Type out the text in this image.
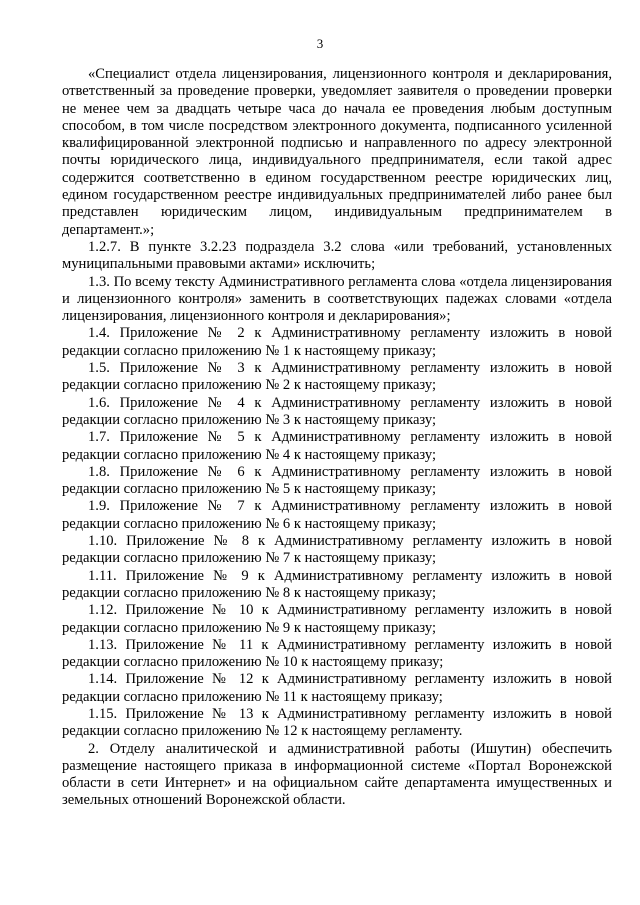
3

«Специалист отдела лицензирования, лицензионного контроля и декларирования, ответственный за проведение проверки, уведомляет заявителя о проведении проверки не менее чем за двадцать четыре часа до начала ее проведения любым доступным способом, в том числе посредством электронного документа, подписанного усиленной квалифицированной электронной подписью и направленного по адресу электронной почты юридического лица, индивидуального предпринимателя, если такой адрес содержится соответственно в едином государственном реестре юридических лиц, едином государственном реестре индивидуальных предпринимателей либо ранее был представлен юридическим лицом, индивидуальным предпринимателем в департамент.»;

1.2.7. В пункте 3.2.23 подраздела 3.2 слова «или требований, установленных муниципальными правовыми актами» исключить;

1.3. По всему тексту Административного регламента слова «отдела лицензирования и лицензионного контроля» заменить в соответствующих падежах словами «отдела лицензирования, лицензионного контроля и декларирования»;

1.4. Приложение № 2 к Административному регламенту изложить в новой редакции согласно приложению № 1 к настоящему приказу;

1.5. Приложение № 3 к Административному регламенту изложить в новой редакции согласно приложению № 2 к настоящему приказу;

1.6. Приложение № 4 к Административному регламенту изложить в новой редакции согласно приложению № 3 к настоящему приказу;

1.7. Приложение № 5 к Административному регламенту изложить в новой редакции согласно приложению № 4 к настоящему приказу;

1.8. Приложение № 6 к Административному регламенту изложить в новой редакции согласно приложению № 5 к настоящему приказу;

1.9. Приложение № 7 к Административному регламенту изложить в новой редакции согласно приложению № 6 к настоящему приказу;

1.10. Приложение № 8 к Административному регламенту изложить в новой редакции согласно приложению № 7 к настоящему приказу;

1.11. Приложение № 9 к Административному регламенту изложить в новой редакции согласно приложению № 8 к настоящему приказу;

1.12. Приложение № 10 к Административному регламенту изложить в новой редакции согласно приложению № 9 к настоящему приказу;

1.13. Приложение № 11 к Административному регламенту изложить в новой редакции согласно приложению № 10 к настоящему приказу;

1.14. Приложение № 12 к Административному регламенту изложить в новой редакции согласно приложению № 11 к настоящему приказу;

1.15. Приложение № 13 к Административному регламенту изложить в новой редакции согласно приложению № 12 к настоящему регламенту.

2. Отделу аналитической и административной работы (Ишутин) обеспечить размещение настоящего приказа в информационной системе «Портал Воронежской области в сети Интернет» и на официальном сайте департамента имущественных и земельных отношений Воронежской области.
